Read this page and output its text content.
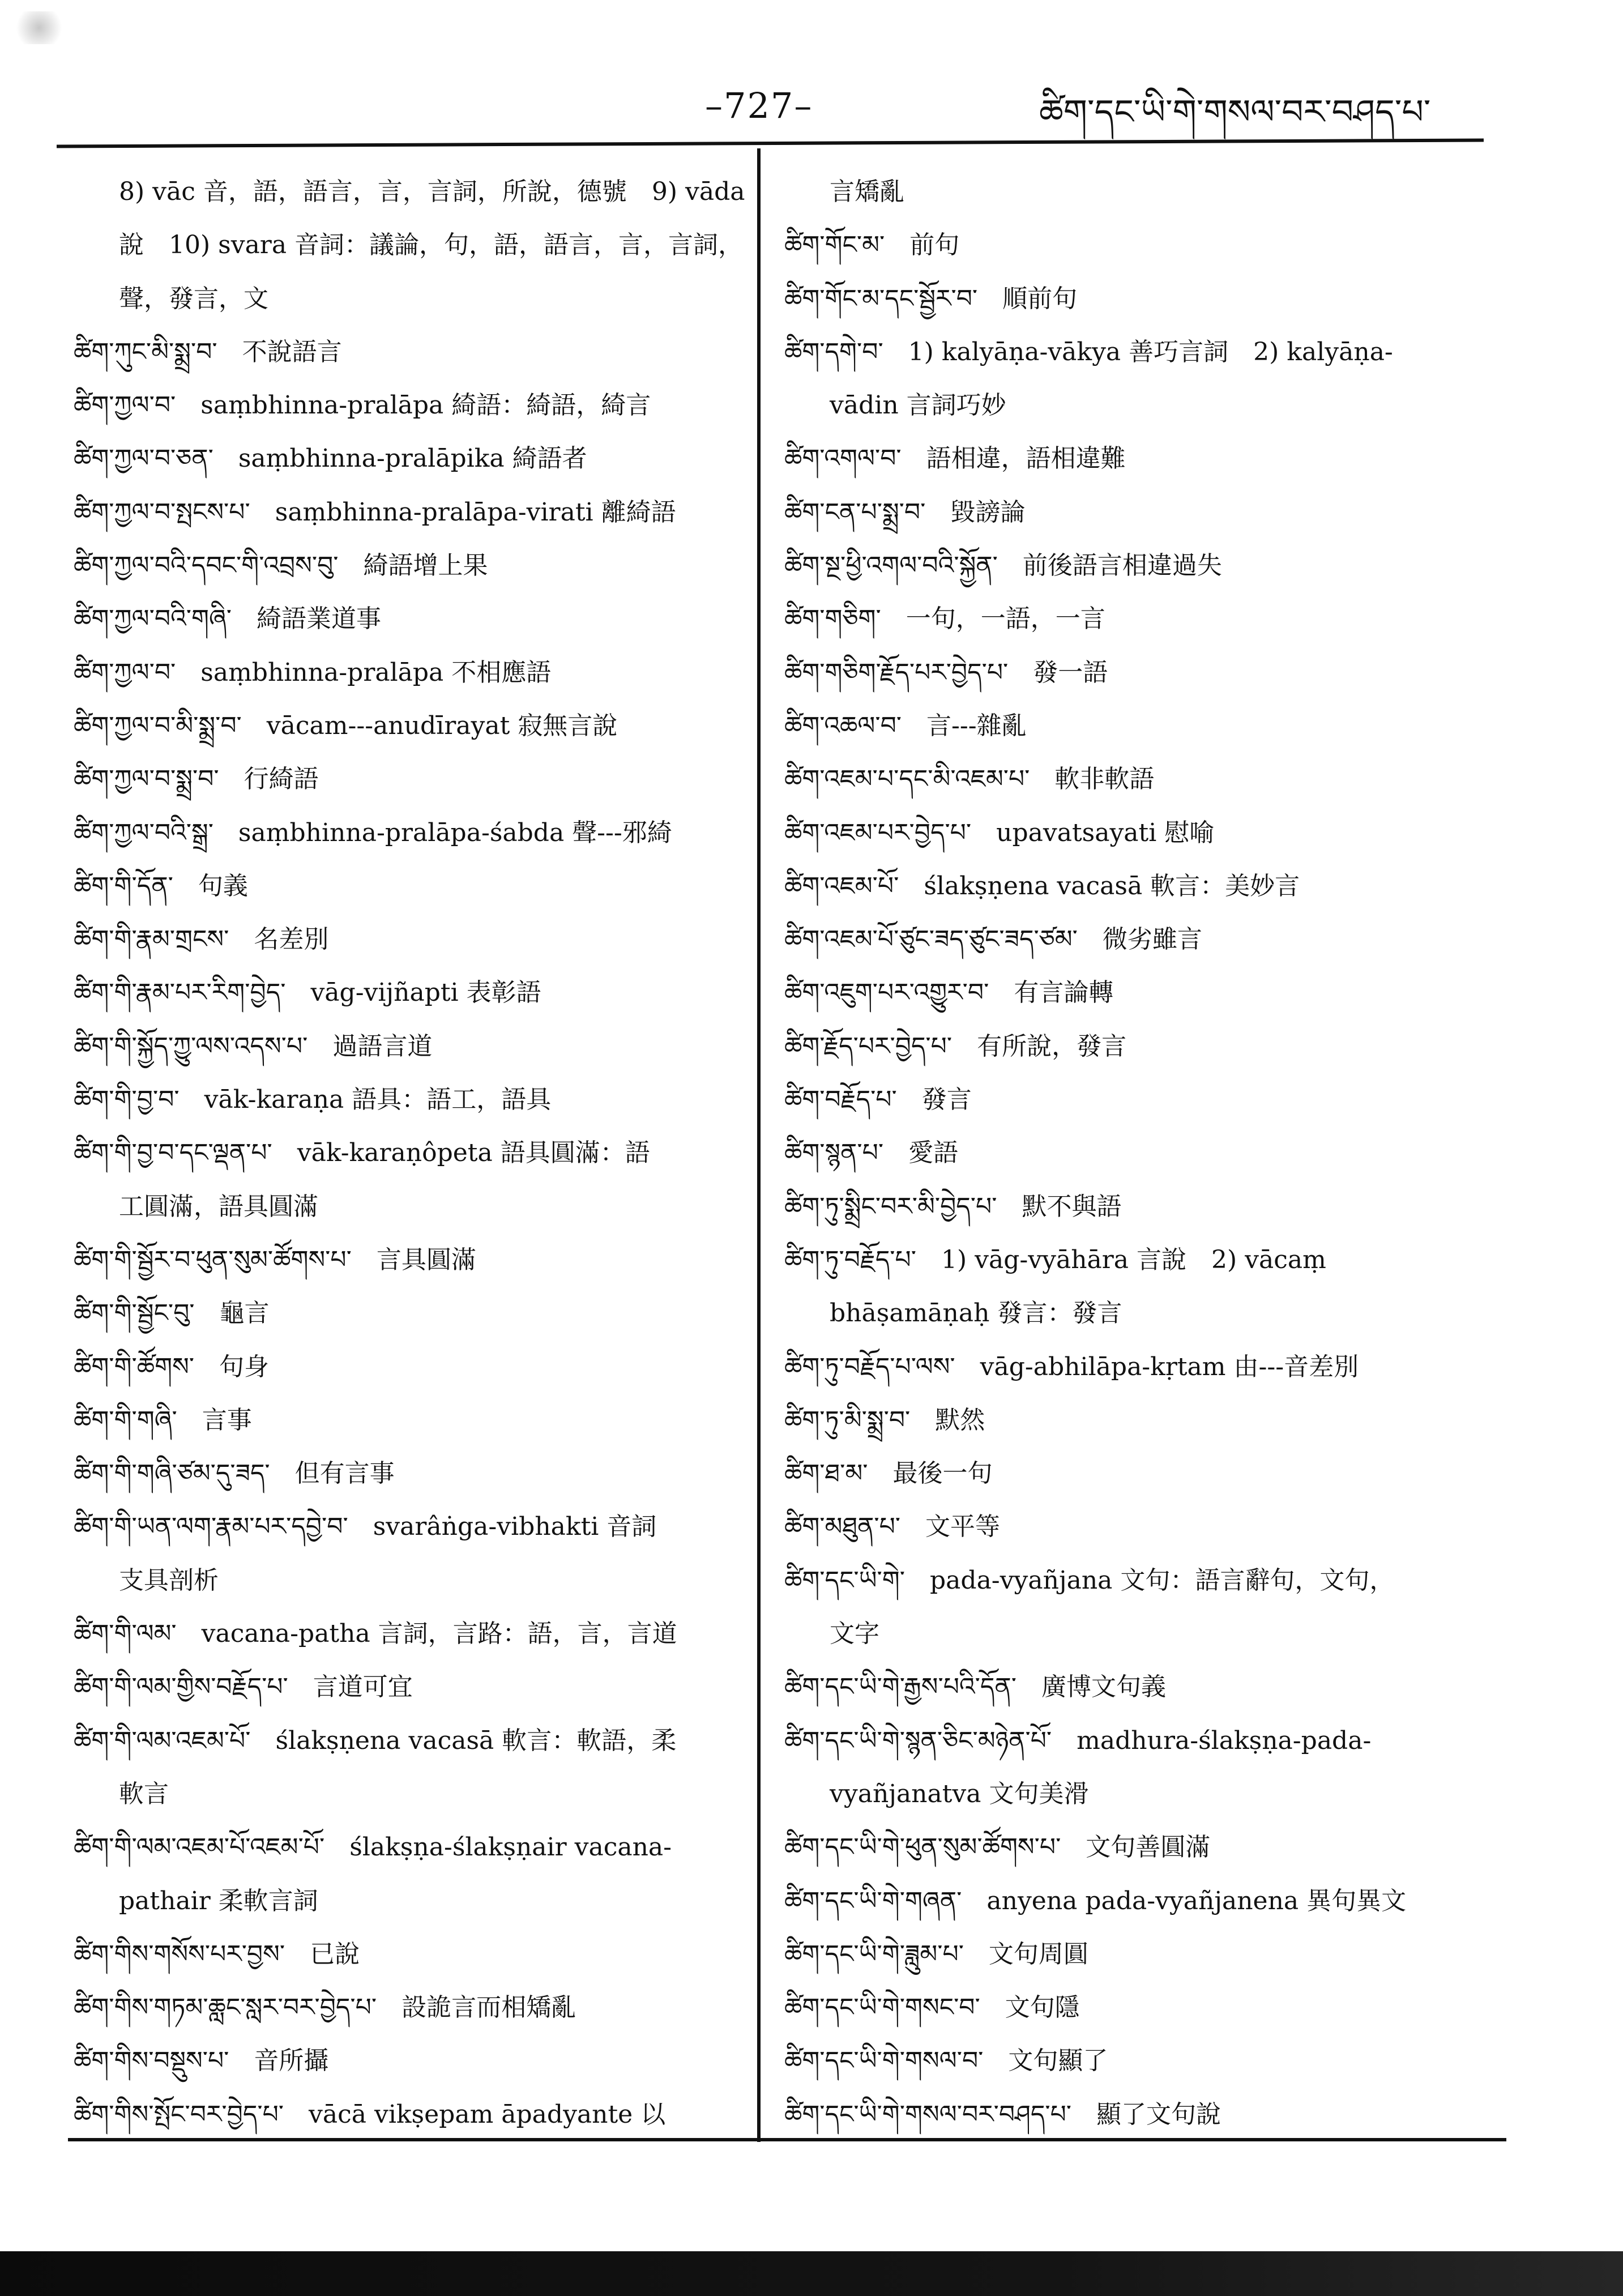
–727–	ཚིག་དང་ཡི་གེ་གསལ་བར་བཤད་པ་
8) vāc 音，語，語言，言，言詞，所說，德號　9) vāda
說　10) svara 音詞：議論，句，語，語言，言，言詞，
聲，發言，文
ཚིག་ཀུང་མི་སྨྲ་བ་　不說語言
ཚིག་ཀྱལ་བ་　saṃbhinna-pralāpa 綺語：綺語，綺言
ཚིག་ཀྱལ་བ་ཅན་　saṃbhinna-pralāpika 綺語者
ཚིག་ཀྱལ་བ་སྤངས་པ་　saṃbhinna-pralāpa-virati 離綺語
ཚིག་ཀྱལ་བའི་དབང་གི་འབྲས་བུ་　綺語增上果
ཚིག་ཀྱལ་བའི་གཞི་　綺語業道事
ཚིག་ཀྱལ་བ་　saṃbhinna-pralāpa 不相應語
ཚིག་ཀྱལ་བ་མི་སྨྲ་བ་　vācam---anudīrayat 寂無言說
ཚིག་ཀྱལ་བ་སྨྲ་བ་　行綺語
ཚིག་ཀྱལ་བའི་སྒྲ་　saṃbhinna-pralāpa-śabda 聲---邪綺
ཚིག་གི་དོན་　句義
ཚིག་གི་རྣམ་གྲངས་　名差別
ཚིག་གི་རྣམ་པར་རིག་བྱེད་　vāg-vijñapti 表彰語
ཚིག་གི་སྐྱོད་ཀྱུ་ལས་འདས་པ་　過語言道
ཚིག་གི་བྱ་བ་　vāk-karaṇa 語具：語工，語具
ཚིག་གི་བྱ་བ་དང་ལྡན་པ་　vāk-karaṇôpeta 語具圓滿：語
工圓滿，語具圓滿
ཚིག་གི་སྦྱོར་བ་ཕུན་སུམ་ཚོགས་པ་　言具圓滿
ཚིག་གི་སྦྱོང་བུ་　龜言
ཚིག་གི་ཚོགས་　句身
ཚིག་གི་གཞི་　言事
ཚིག་གི་གཞི་ཙམ་དུ་ཟད་　但有言事
ཚིག་གི་ཡན་ལག་རྣམ་པར་དབྱེ་བ་　svarâṅga-vibhakti 音詞
支具剖析
ཚིག་གི་ལམ་　vacana-patha 言詞，言路：語，言，言道
ཚིག་གི་ལམ་གྱིས་བརྗོད་པ་　言道可宜
ཚིག་གི་ལམ་འཇམ་པོ་　ślakṣṇena vacasā 軟言：軟語，柔
軟言
ཚིག་གི་ལམ་འཇམ་པོ་འཇམ་པོ་　ślakṣṇa-ślakṣṇair vacana-
pathair 柔軟言詞
ཚིག་གིས་གསོས་པར་བྱས་　已說
ཚིག་གིས་གཏམ་ཆླང་སླར་བར་བྱེད་པ་　設詭言而相矯亂
ཚིག་གིས་བསྡུས་པ་　音所攝
ཚིག་གིས་སྤོང་བར་བྱེད་པ་　vācā vikṣepam āpadyante 以
言矯亂
ཚིག་གོང་མ་　前句
ཚིག་གོང་མ་དང་སྦྱོར་བ་　順前句
ཚིག་དགེ་བ་　1) kalyāṇa-vākya 善巧言詞　2) kalyāṇa-
vādin 言詞巧妙
ཚིག་འགལ་བ་　語相違，語相違難
ཚིག་ངན་པ་སྨྲ་བ་　毀謗論
ཚིག་སྔ་ཕྱི་འགལ་བའི་སྐྱོན་　前後語言相違過失
ཚིག་གཅིག་　一句，一語，一言
ཚིག་གཅིག་རྗོད་པར་བྱེད་པ་　發一語
ཚིག་འཆལ་བ་　言---雜亂
ཚིག་འཇམ་པ་དང་མི་འཇམ་པ་　軟非軟語
ཚིག་འཇམ་པར་བྱེད་པ་　upavatsayati 慰喻
ཚིག་འཇམ་པོ་　ślakṣṇena vacasā 軟言：美妙言
ཚིག་འཇམ་པོ་ཙུང་ཟད་ཙུང་ཟད་ཙམ་　微劣雖言
ཚིག་འཇུག་པར་འགྱུར་བ་　有言論轉
ཚིག་རྗོད་པར་བྱེད་པ་　有所說，發言
ཚིག་བརྗོད་པ་　發言
ཚིག་སྙན་པ་　愛語
ཚིག་ཏུ་སྨྲིང་བར་མི་བྱེད་པ་　默不與語
ཚིག་ཏུ་བརྗོད་པ་　1) vāg-vyāhāra 言說　2) vācaṃ
bhāṣamāṇaḥ 發言：發言
ཚིག་ཏུ་བརྗོད་པ་ལས་　vāg-abhilāpa-kṛtam 由---音差別
ཚིག་ཏུ་མི་སྨྲ་བ་　默然
ཚིག་ཐ་མ་　最後一句
ཚིག་མཐུན་པ་　文平等
ཚིག་དང་ཡི་གེ་　pada-vyañjana 文句：語言辭句，文句，
文字
ཚིག་དང་ཡི་གེ་རྒྱས་པའི་དོན་　廣博文句義
ཚིག་དང་ཡི་གེ་སྙན་ཅིང་མཉེན་པོ་　madhura-ślakṣṇa-pada-
vyañjanatva 文句美滑
ཚིག་དང་ཡི་གེ་ཕུན་སུམ་ཚོགས་པ་　文句善圓滿
ཚིག་དང་ཡི་གེ་གཞན་　anyena pada-vyañjanena 異句異文
ཚིག་དང་ཡི་གེ་ཟླུམ་པ་　文句周圓
ཚིག་དང་ཡི་གེ་གསང་བ་　文句隱
ཚིག་དང་ཡི་གེ་གསལ་བ་　文句顯了
ཚིག་དང་ཡི་གེ་གསལ་བར་བཤད་པ་　顯了文句說
